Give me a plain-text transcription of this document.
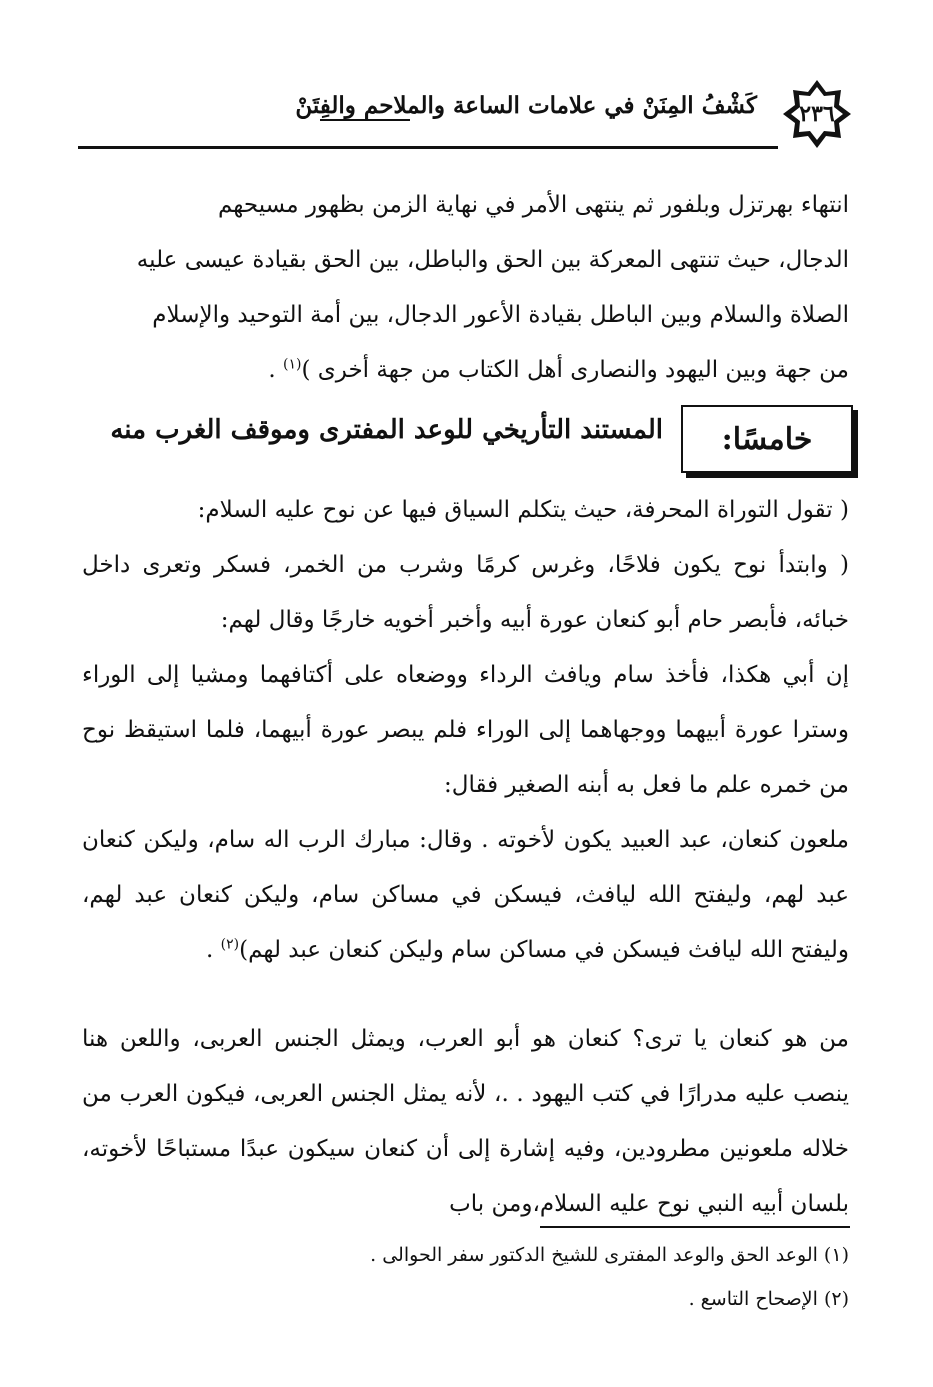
٢٣٦
كَشْفُ المِنَنْ في علامات الساعة والملاحم والفِتَنْ

انتهاء بهرتزل وبلفور ثم ينتهى الأمر في نهاية الزمن بظهور مسيحهم

الدجال، حيث تنتهى المعركة بين الحق والباطل، بين الحق بقيادة عيسى عليه

الصلاة والسلام وبين الباطل بقيادة الأعور الدجال، بين أمة التوحيد والإسلام

من جهة وبين اليهود والنصارى أهل الكتاب من جهة أخرى )$^{(١)}$ .

خامسًا:
المستند التأريخي للوعد المفترى وموقف الغرب منه

( تقول التوراة المحرفة، حيث يتكلم السياق فيها عن نوح عليه السلام:

( وابتدأ نوح يكون فلاحًا، وغرس كرمًا وشرب من الخمر، فسكر وتعرى داخل خبائه، فأبصر حام أبو كنعان عورة أبيه وأخبر أخويه خارجًا وقال لهم:

إن أبي هكذا، فأخذ سام ويافث الرداء ووضعاه على أكتافهما ومشيا إلى الوراء وسترا عورة أبيهما ووجهاهما إلى الوراء فلم يبصر عورة أبيهما، فلما استيقظ نوح من خمره علم ما فعل به أبنه الصغير فقال:

ملعون كنعان، عبد العبيد يكون لأخوته . وقال: مبارك الرب اله سام، وليكن كنعان عبد لهم، وليفتح الله ليافث، فيسكن في مساكن سام، وليكن كنعان عبد لهم، وليفتح الله ليافث فيسكن في مساكن سام وليكن كنعان عبد لهم)$^{(٢)}$ .

من هو كنعان يا ترى؟ كنعان هو أبو العرب، ويمثل الجنس العربى، واللعن هنا ينصب عليه مدرارًا في كتب اليهود . .، لأنه يمثل الجنس العربى، فيكون العرب من خلاله ملعونين مطرودين، وفيه إشارة إلى أن كنعان سيكون عبدًا مستباحًا لأخوته، بلسان أبيه النبي نوح عليه السلام،ومن باب

(١) الوعد الحق والوعد المفترى للشيخ الدكتور سفر الحوالى .

(٢) الإصحاح التاسع .
